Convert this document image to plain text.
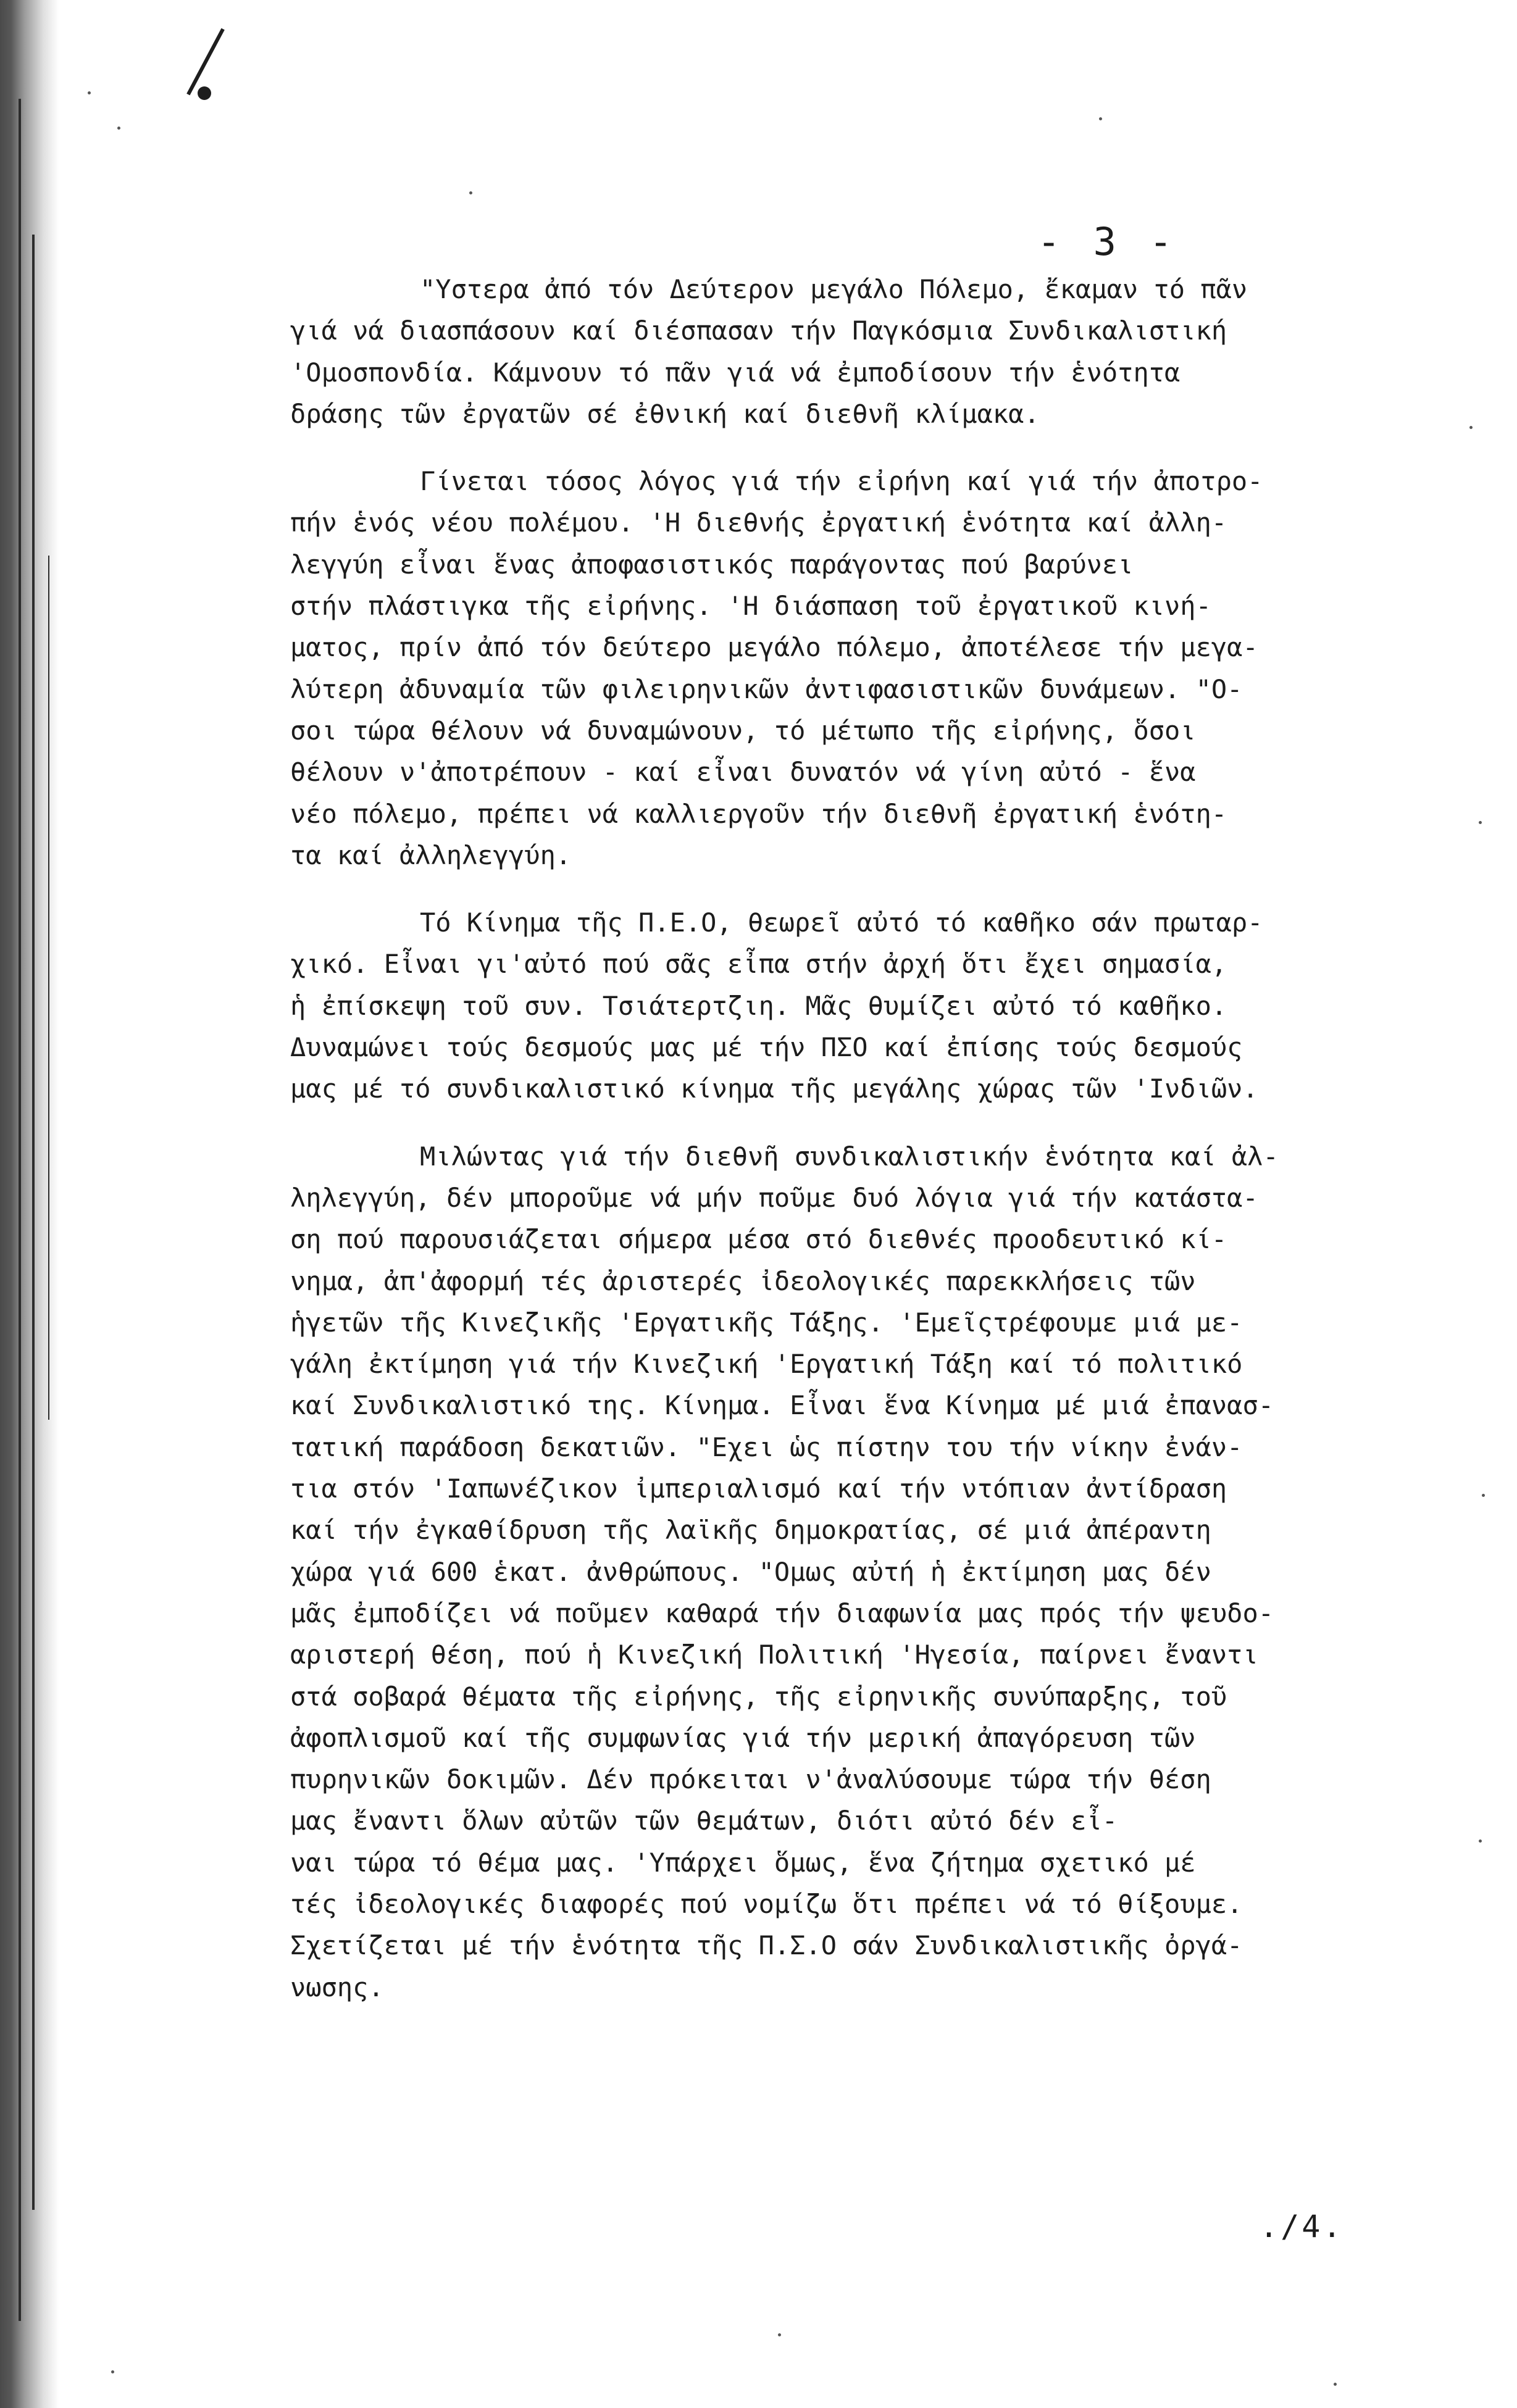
- 3 -
"Υστερα ἀπό τόν Δεύτερον μεγάλο Πόλεμο, ἔκαμαν τό πᾶν
γιά νά διασπάσουν καί διέσπασαν τήν Παγκόσμια Συνδικαλιστική
'Ομοσπονδία. Κάμνουν τό πᾶν γιά νά ἐμποδίσουν τήν ἑνότητα
δράσης τῶν ἐργατῶν σέ ἐθνική καί διεθνῆ κλίμακα.
Γίνεται τόσος λόγος γιά τήν εἰρήνη καί γιά τήν ἀποτρο-
πήν ἑνός νέου πολέμου. 'Η διεθνής ἐργατική ἑνότητα καί ἀλλη-
λεγγύη εἶναι ἕνας ἀποφασιστικός παράγοντας πού βαρύνει
στήν πλάστιγκα τῆς εἰρήνης. 'Η διάσπαση τοῦ ἐργατικοῦ κινή-
ματος, πρίν ἀπό τόν δεύτερο μεγάλο πόλεμο, ἀποτέλεσε τήν μεγα-
λύτερη ἀδυναμία τῶν φιλειρηνικῶν ἀντιφασιστικῶν δυνάμεων. "Ο-
σοι τώρα θέλουν νά δυναμώνουν, τό μέτωπο τῆς εἰρήνης, ὅσοι
θέλουν ν'ἀποτρέπουν - καί εἶναι δυνατόν νά γίνη αὐτό - ἕνα
νέο πόλεμο, πρέπει νά καλλιεργοῦν τήν διεθνῆ ἐργατική ἑνότη-
τα καί ἀλληλεγγύη.
Τό Κίνημα τῆς Π.Ε.Ο, θεωρεῖ αὐτό τό καθῆκο σάν πρωταρ-
χικό. Εἶναι γι'αὐτό πού σᾶς εἶπα στήν ἀρχή ὅτι ἔχει σημασία,
ἡ ἐπίσκεψη τοῦ συν. Τσιάτερτζιη. Μᾶς θυμίζει αὐτό τό καθῆκο.
Δυναμώνει τούς δεσμούς μας μέ τήν ΠΣΟ καί ἐπίσης τούς δεσμούς
μας μέ τό συνδικαλιστικό κίνημα τῆς μεγάλης χώρας τῶν 'Ινδιῶν.
Μιλώντας γιά τήν διεθνῆ συνδικαλιστικήν ἑνότητα καί ἀλ-
ληλεγγύη, δέν μποροῦμε νά μήν ποῦμε δυό λόγια γιά τήν κατάστα-
ση πού παρουσιάζεται σήμερα μέσα στό διεθνές προοδευτικό κί-
νημα, ἀπ'ἀφορμή τές ἀριστερές ἰδεολογικές παρεκκλήσεις τῶν
ἡγετῶν τῆς Κινεζικῆς 'Εργατικῆς Τάξης. 'Εμεῖςτρέφουμε μιά με-
γάλη ἐκτίμηση γιά τήν Κινεζική 'Εργατική Τάξη καί τό πολιτικό
καί Συνδικαλιστικό της. Κίνημα. Εἶναι ἕνα Κίνημα μέ μιά ἐπανασ-
τατική παράδοση δεκατιῶν. "Εχει ὡς πίστην του τήν νίκην ἐνάν-
τια στόν 'Ιαπωνέζικον ἰμπεριαλισμό καί τήν ντόπιαν ἀντίδραση
καί τήν ἐγκαθίδρυση τῆς λαϊκῆς δημοκρατίας, σέ μιά ἀπέραντη
χώρα γιά 600 ἑκατ. ἀνθρώπους. "Ομως αὐτή ἡ ἐκτίμηση μας δέν
μᾶς ἐμποδίζει νά ποῦμεν καθαρά τήν διαφωνία μας πρός τήν ψευδο-
αριστερή θέση, πού ἡ Κινεζική Πολιτική 'Ηγεσία, παίρνει ἔναντι
στά σοβαρά θέματα τῆς εἰρήνης, τῆς εἰρηνικῆς συνύπαρξης, τοῦ
ἀφοπλισμοῦ καί τῆς συμφωνίας γιά τήν μερική ἀπαγόρευση τῶν
πυρηνικῶν δοκιμῶν. Δέν πρόκειται ν'ἀναλύσουμε τώρα τήν θέση
μας ἔναντι ὅλων αὐτῶν τῶν θεμάτων, διότι αὐτό δέν εἶ-
ναι τώρα τό θέμα μας. 'Υπάρχει ὅμως, ἕνα ζήτημα σχετικό μέ
τές ἰδεολογικές διαφορές πού νομίζω ὅτι πρέπει νά τό θίξουμε.
Σχετίζεται μέ τήν ἑνότητα τῆς Π.Σ.Ο σάν Συνδικαλιστικῆς ὀργά-
νωσης.
./4.
